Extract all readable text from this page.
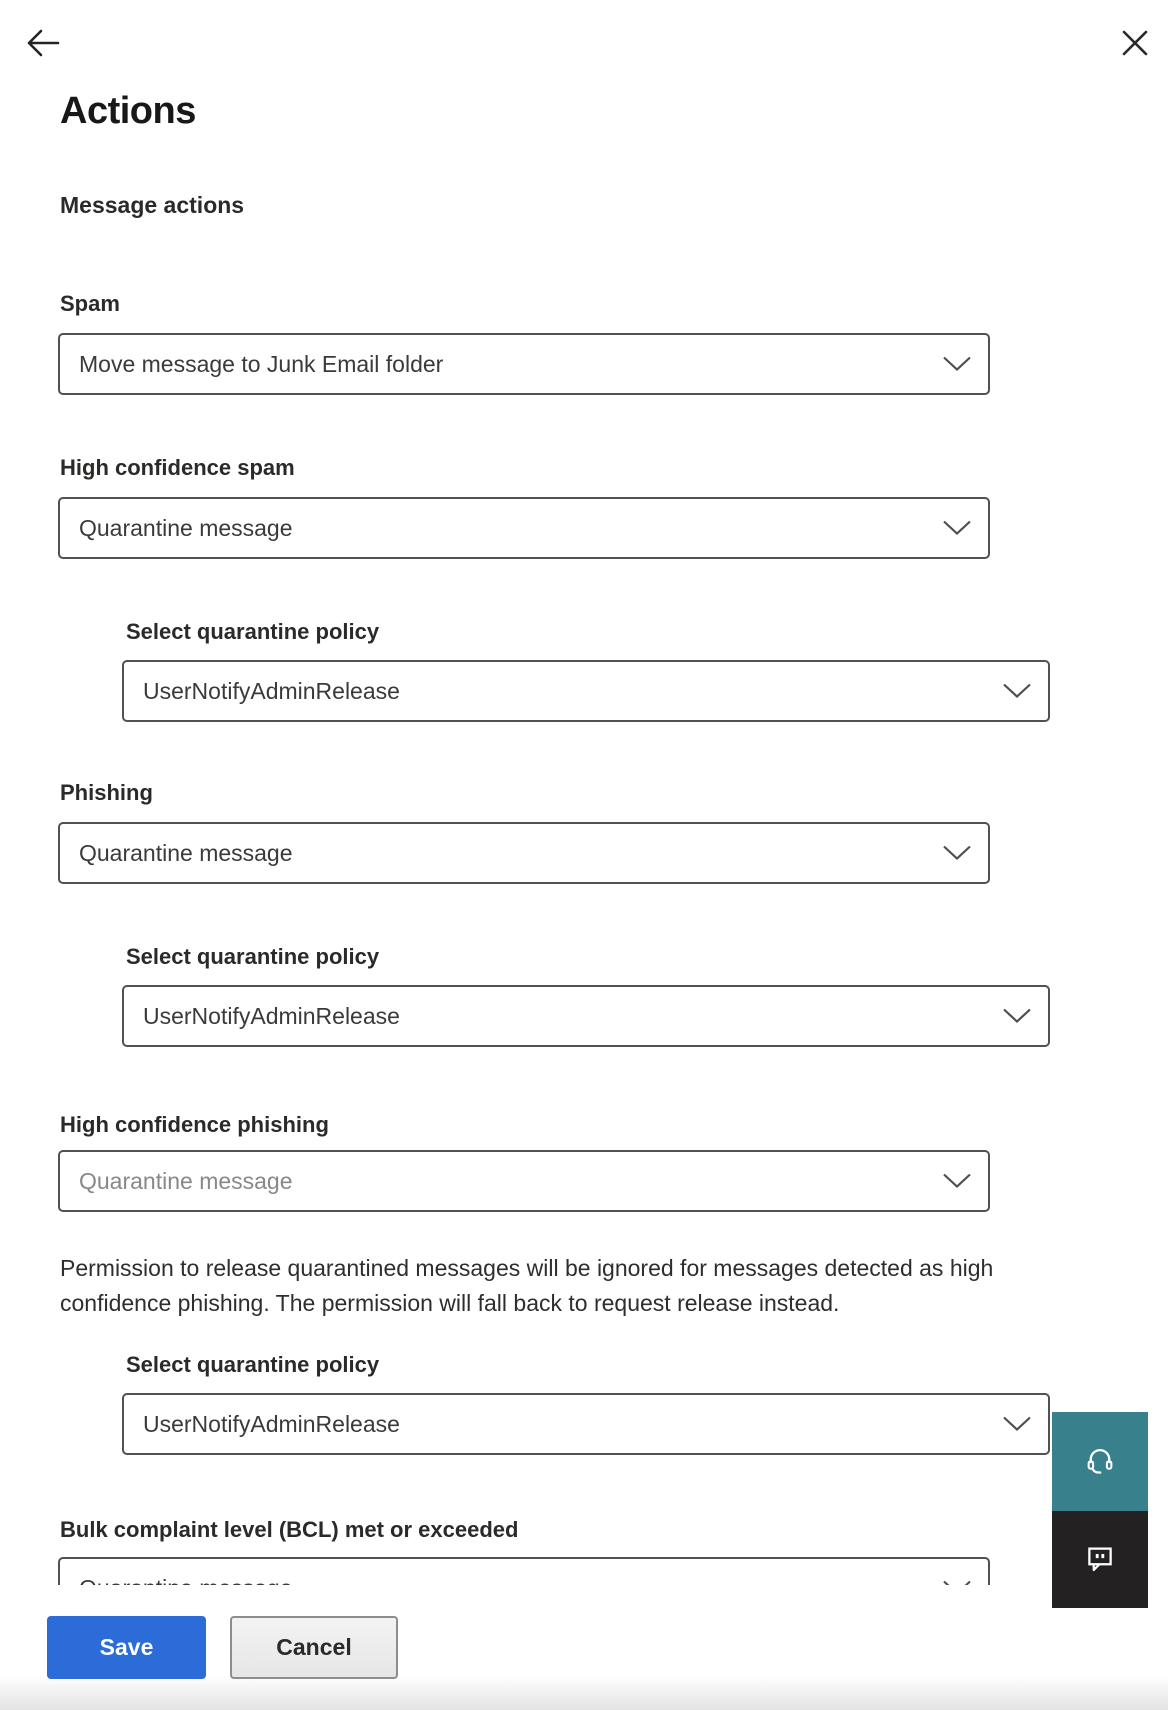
Actions
Message actions
Spam
Move message to Junk Email folder
High confidence spam
Quarantine message
Select quarantine policy
UserNotifyAdminRelease
Phishing
Quarantine message
Select quarantine policy
UserNotifyAdminRelease
High confidence phishing
Quarantine message
Permission to release quarantined messages will be ignored for messages detected as high confidence phishing. The permission will fall back to request release instead.
Select quarantine policy
UserNotifyAdminRelease
Bulk complaint level (BCL) met or exceeded
Save	Cancel
